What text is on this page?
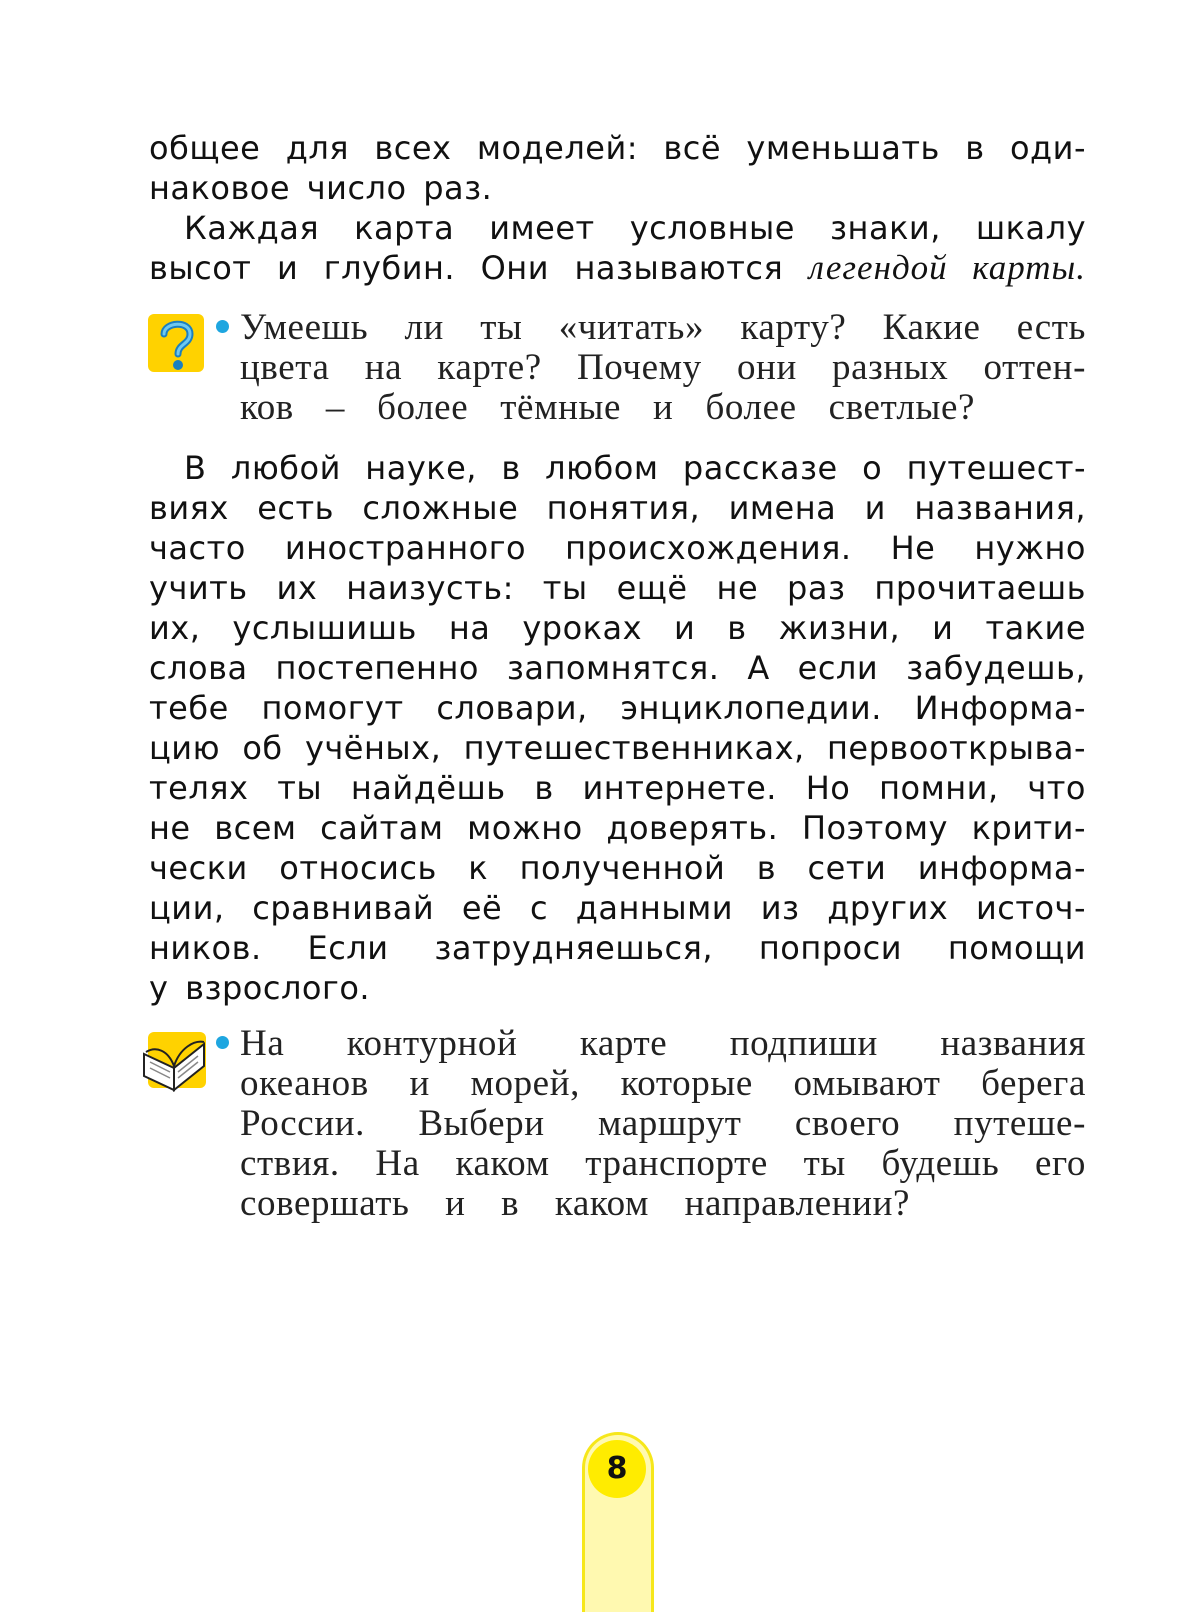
общее для всех моделей: всё уменьшать в оди-
наковое число раз.
Каждая карта имеет условные знаки, шкалу
высот и глубин. Они называются легендой карты.
Умеешь ли ты «читать» карту? Какие есть
цвета на карте? Почему они разных оттен-
ков – более тёмные и более светлые?
В любой науке, в любом рассказе о путешест-
виях есть сложные понятия, имена и названия,
часто иностранного происхождения. Не нужно
учить их наизусть: ты ещё не раз прочитаешь
их, услышишь на уроках и в жизни, и такие
слова постепенно запомнятся. А если забудешь,
тебе помогут словари, энциклопедии. Информа-
цию об учёных, путешественниках, первооткрыва-
телях ты найдёшь в интернете. Но помни, что
не всем сайтам можно доверять. Поэтому крити-
чески относись к полученной в сети информа-
ции, сравнивай её с данными из других источ-
ников. Если затрудняешься, попроси помощи
у взрослого.
На контурной карте подпиши названия
океанов и морей, которые омывают берега
России. Выбери маршрут своего путеше-
ствия. На каком транспорте ты будешь его
совершать и в каком направлении?
8
